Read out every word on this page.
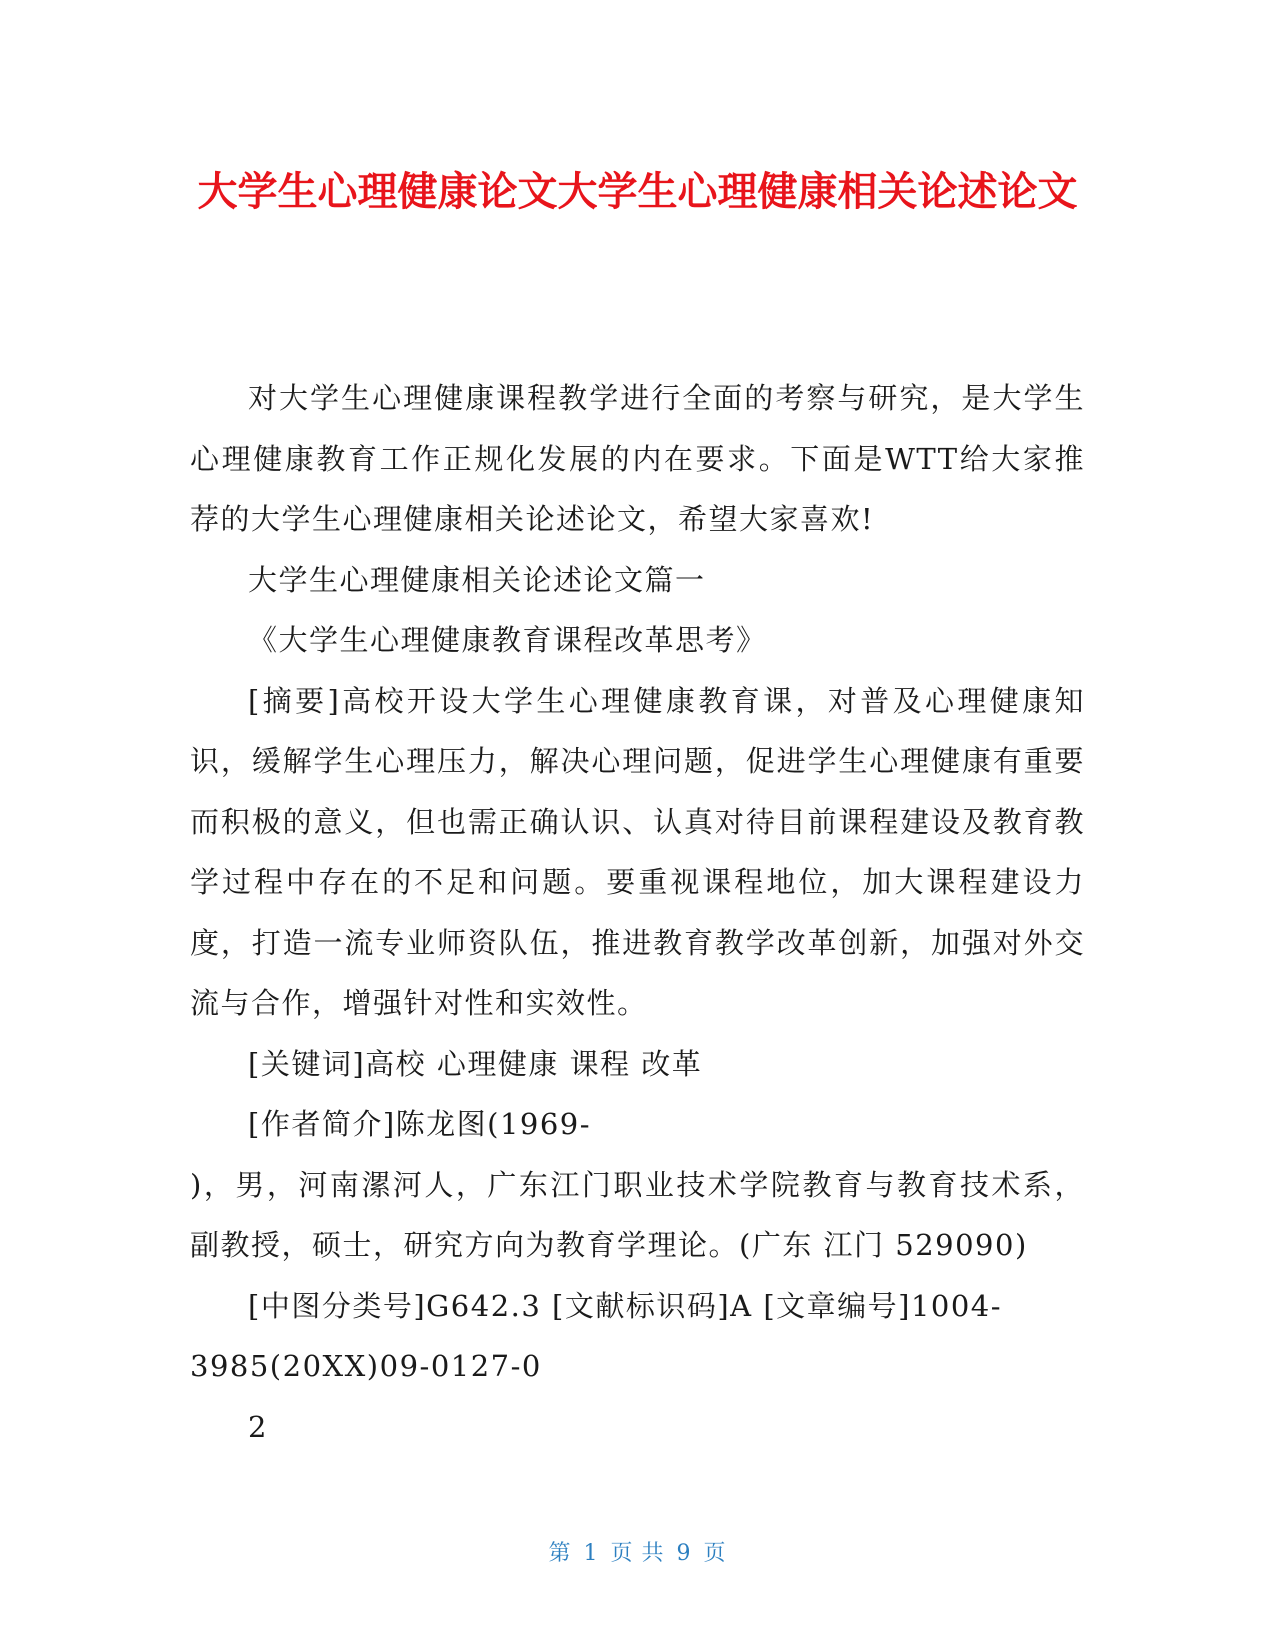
大学生心理健康论文大学生心理健康相关论述论文

对大学生心理健康课程教学进行全面的考察与研究，是大学生心理健康教育工作正规化发展的内在要求。下面是WTT给大家推荐的大学生心理健康相关论述论文，希望大家喜欢!

大学生心理健康相关论述论文篇一

《大学生心理健康教育课程改革思考》

[摘要]高校开设大学生心理健康教育课，对普及心理健康知识，缓解学生心理压力，解决心理问题，促进学生心理健康有重要而积极的意义，但也需正确认识、认真对待目前课程建设及教育教学过程中存在的不足和问题。要重视课程地位，加大课程建设力度，打造一流专业师资队伍，推进教育教学改革创新，加强对外交流与合作，增强针对性和实效性。

[关键词]高校 心理健康 课程 改革

[作者简介]陈龙图(1969-

)，男，河南漯河人，广东江门职业技术学院教育与教育技术系，副教授，硕士，研究方向为教育学理论。(广东 江门 529090)

[中图分类号]G642.3 [文献标识码]A [文章编号]1004-

3985(20XX)09-0127-0

2

第 1 页 共 9 页
